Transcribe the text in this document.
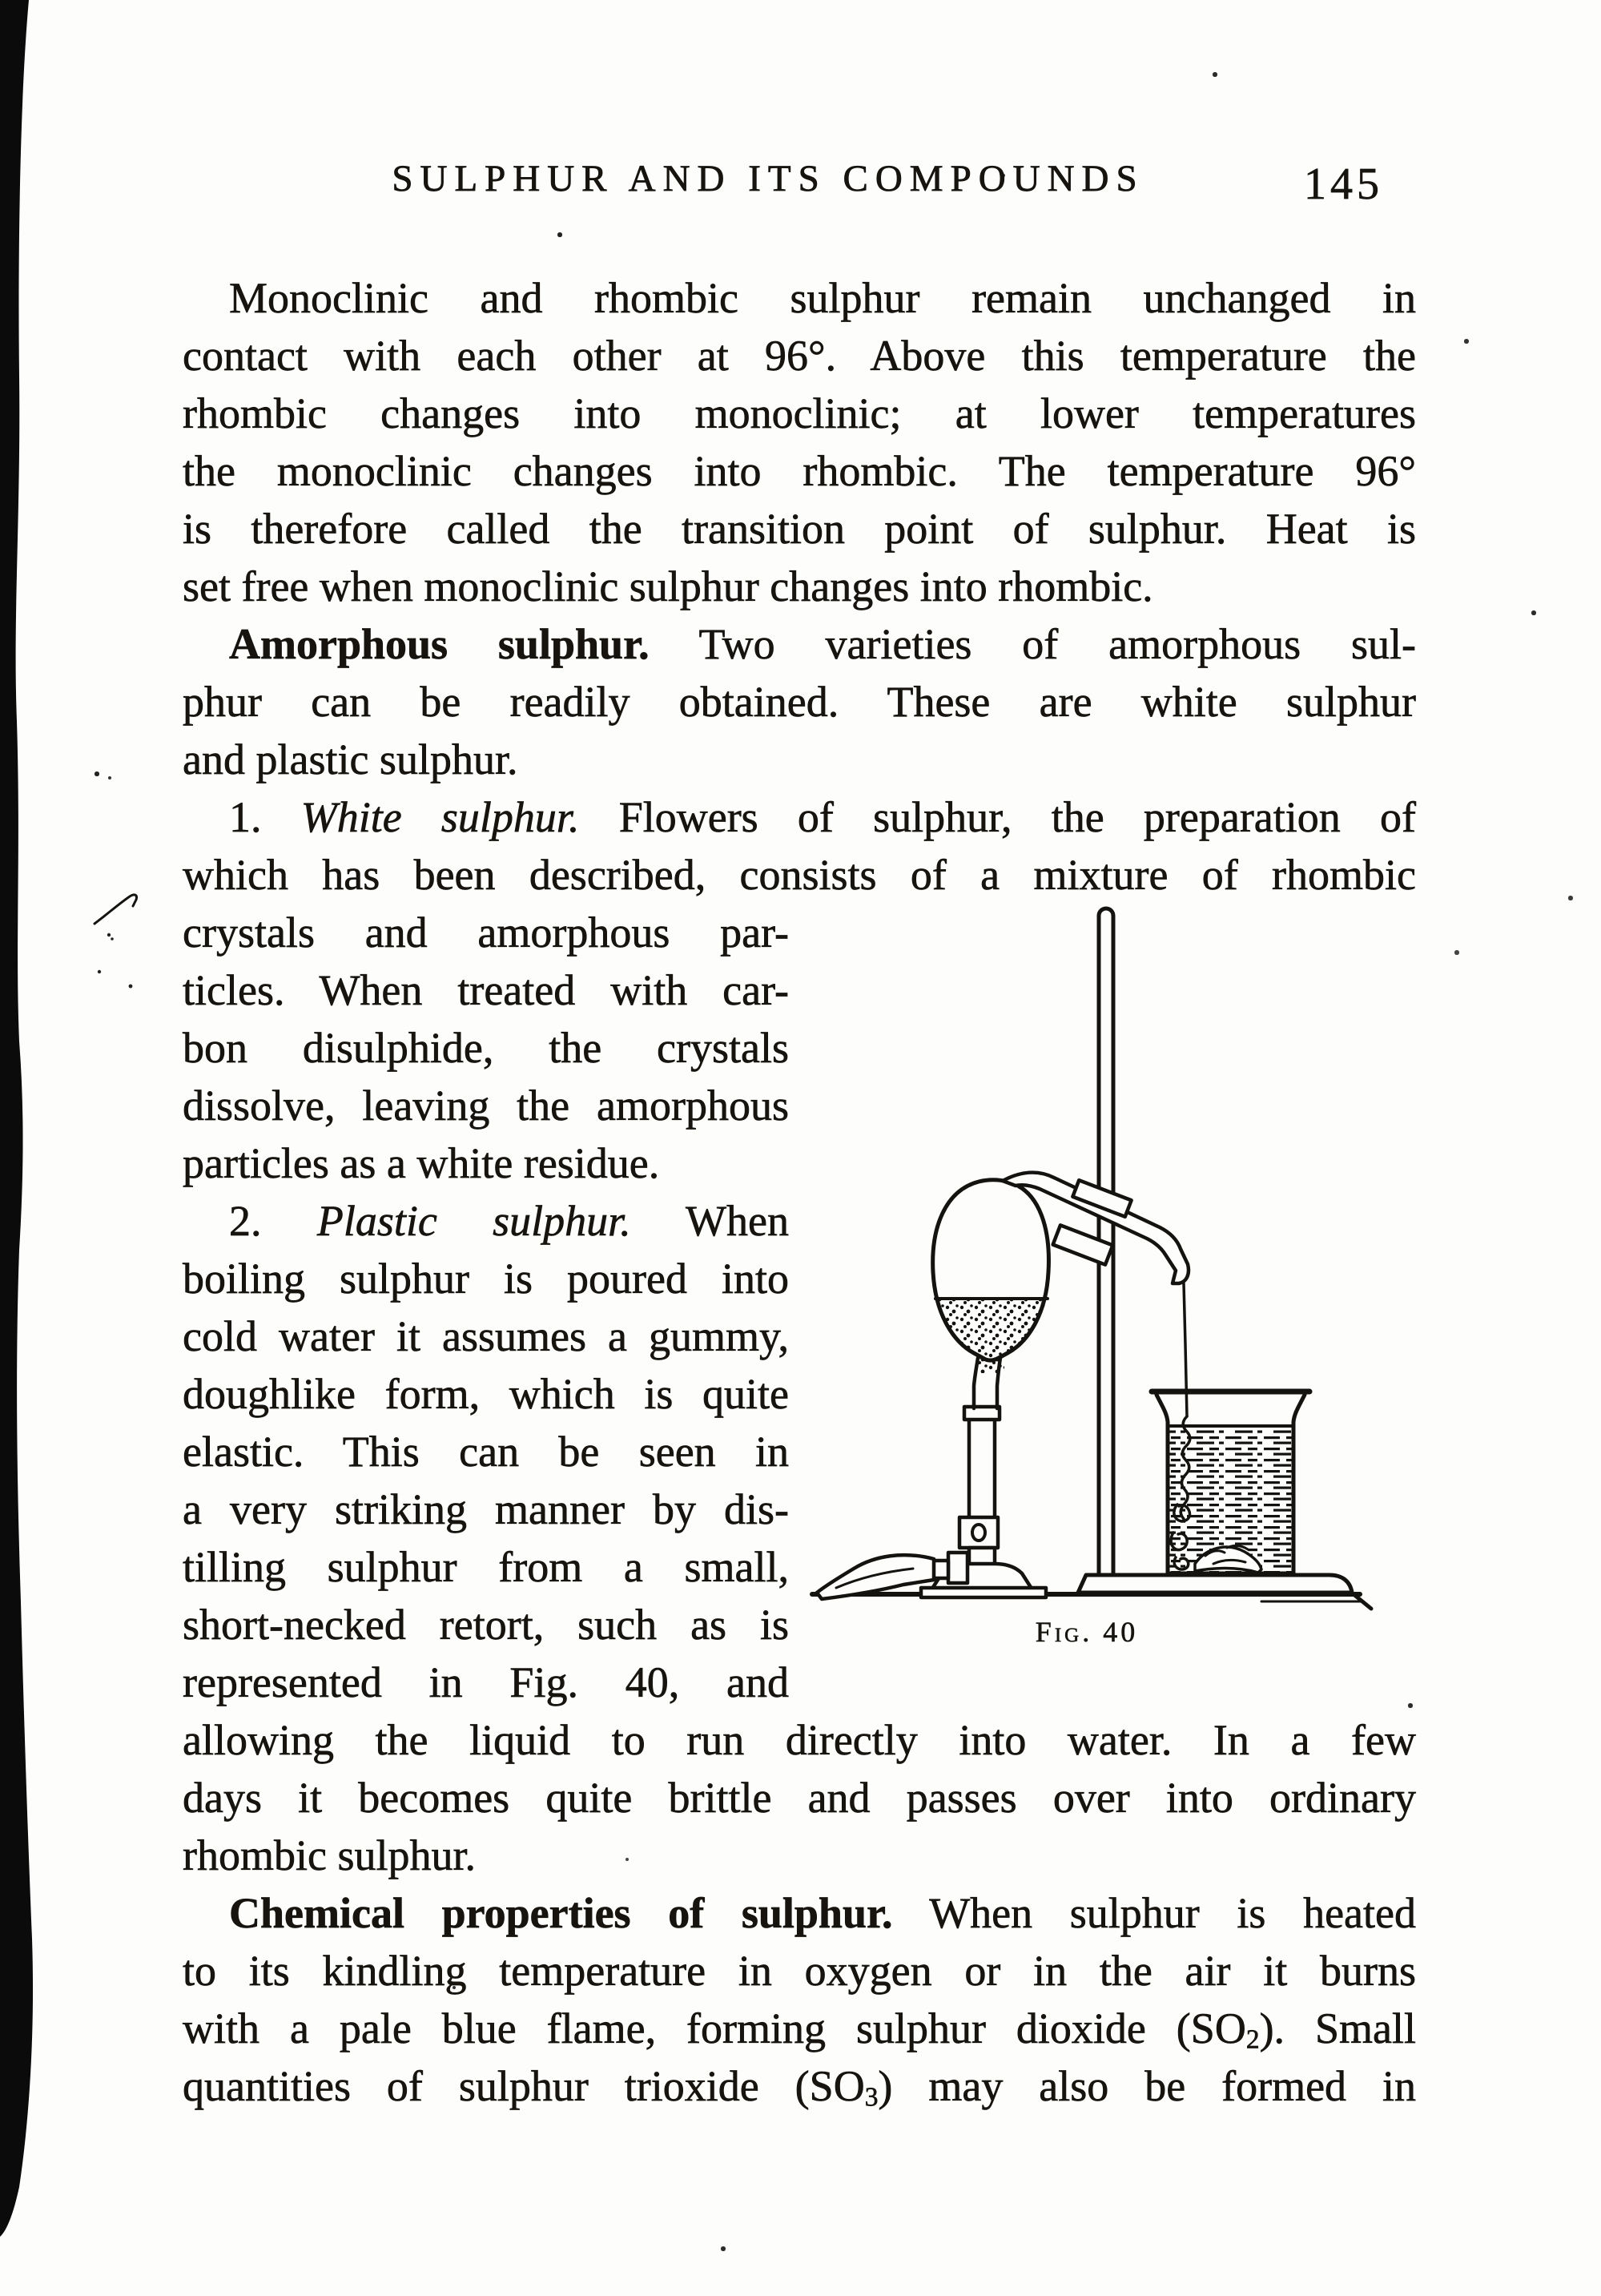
SULPHUR AND ITS COMPOUNDS	145
Monoclinic and rhombic sulphur remain unchanged in
contact with each other at 96°. Above this temperature the
rhombic changes into monoclinic; at lower temperatures
the monoclinic changes into rhombic. The temperature 96°
is therefore called the transition point of sulphur. Heat is
set free when monoclinic sulphur changes into rhombic.
Amorphous sulphur. Two varieties of amorphous sul-
phur can be readily obtained. These are white sulphur
and plastic sulphur.
1. White sulphur. Flowers of sulphur, the preparation of
which has been described, consists of a mixture of rhombic
crystals and amorphous par-
ticles. When treated with car-
bon disulphide, the crystals
dissolve, leaving the amorphous
particles as a white residue.
2. Plastic sulphur. When
boiling sulphur is poured into
cold water it assumes a gummy,
doughlike form, which is quite
elastic. This can be seen in
a very striking manner by dis-
tilling sulphur from a small,
short-necked retort, such as is
represented in Fig. 40, and
allowing the liquid to run directly into water. In a few
days it becomes quite brittle and passes over into ordinary
rhombic sulphur.
Chemical properties of sulphur. When sulphur is heated
to its kindling temperature in oxygen or in the air it burns
with a pale blue flame, forming sulphur dioxide $(SO_2)$. Small
quantities of sulphur trioxide $(SO_3)$ may also be formed in
Fig. 40
